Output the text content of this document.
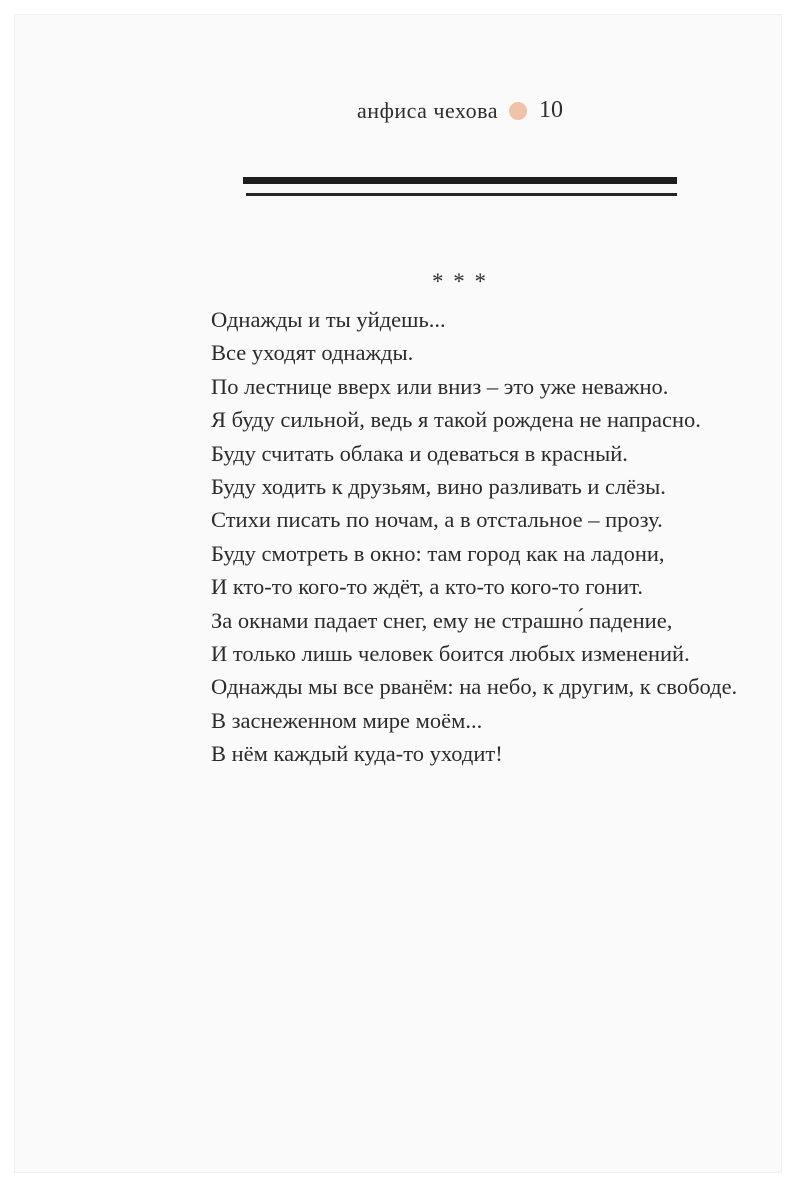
анфиса чехова 10
* * *
Однажды и ты уйдешь...
Все уходят однажды.
По лестнице вверх или вниз – это уже неважно.
Я буду сильной, ведь я такой рождена не напрасно.
Буду считать облака и одеваться в красный.
Буду ходить к друзьям, вино разливать и слёзы.
Стихи писать по ночам, а в отстальное – прозу.
Буду смотреть в окно: там город как на ладони,
И кто-то кого-то ждёт, а кто-то кого-то гонит.
За окнами падает снег, ему не страшно́ падение,
И только лишь человек боится любых изменений.
Однажды мы все рванём: на небо, к другим, к свободе.
В заснеженном мире моём...
В нём каждый куда-то уходит!
